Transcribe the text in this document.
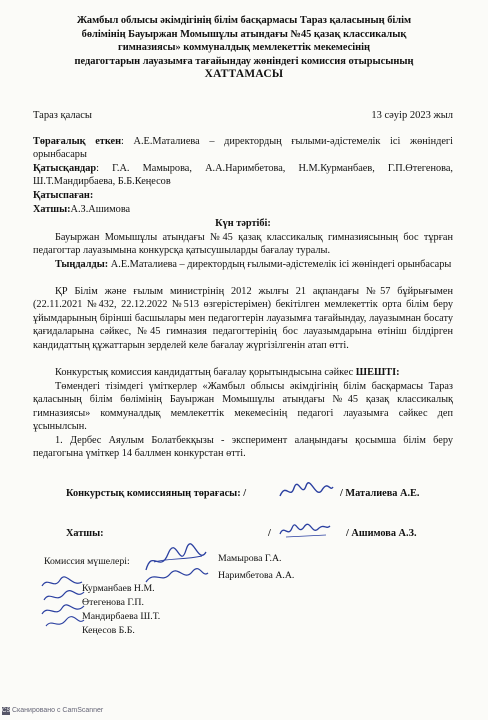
Жамбыл облысы әкімдігінің білім басқармасы Тараз қаласының білім
бөлімінің Бауыржан Момышұлы атындағы №45 қазақ классикалық
гимназиясы» коммуналдық мемлекеттік мекемесінің
педагогтарын лауазымға тағайындау жөніндегі комиссия отырысының
ХАТТАМАСЫ
Тараз қаласы	13 сәуір 2023 жыл
Төрағалық еткен: А.Е.Маталиева – директордың ғылыми-әдістемелік ісі жөніндегі орынбасары
Қатысқандар: Г.А. Мамырова, А.А.Наримбетова, Н.М.Курманбаев, Г.П.Өтегенова, Ш.Т.Мандирбаева, Б.Б.Кеңесов
Қатыспаған:
Хатшы:А.З.Ашимова
Күн тәртібі:
Бауыржан Момышұлы атындағы №45 қазақ классикалық гимназиясының бос тұрған педагогтар лауазымына конкурсқа қатысушыларды бағалау туралы.
Тыңдалды: А.Е.Маталиева – директордың ғылыми-әдістемелік ісі жөніндегі орынбасары
ҚР Білім және ғылым министрінің 2012 жылғы 21 ақпандағы №57 бұйрығымен (22.11.2021 №432, 22.12.2022 №513 өзгерістерімен) бекітілген мемлекеттік орта білім беру ұйымдарының бірінші басшылары мен педагогтерін лауазымға тағайындау, лауазымнан босату қағидаларына сәйкес, №45 гимназия педагогтерінің бос лауазымдарына өтініш білдірген кандидаттың құжаттарын зерделей келе бағалау жүргізілгенін атап өтті.
Конкурстық комиссия кандидаттың бағалау қорытындысына сәйкес ШЕШТІ:
Төмендегі тізімдегі үміткерлер «Жамбыл облысы әкімдігінің білім басқармасы Тараз қаласының білім бөлімінің Бауыржан Момышұлы атындағы №45 қазақ классикалық гимназиясы» коммуналдық мемлекеттік мекемесінің педагогі лауазымға сәйкес деп ұсынылсын.
1. Дербес Аяулым Болатбекқызы - эксперимент алаңындағы қосымша білім беру педагогына үміткер 14 баллмен конкурстан өтті.
Конкурстық комиссияның төрағасы: /	/ Маталиева А.Е.
Хатшы:	/	/ Ашимова А.З.
Комиссия мүшелері:	Мамырова Г.А.
Наримбетова А.А.
Курманбаев Н.М.
Өтегенова Г.П.
Мандирбаева Ш.Т.
Кеңесов Б.Б.
CS Сканировано с CamScanner
